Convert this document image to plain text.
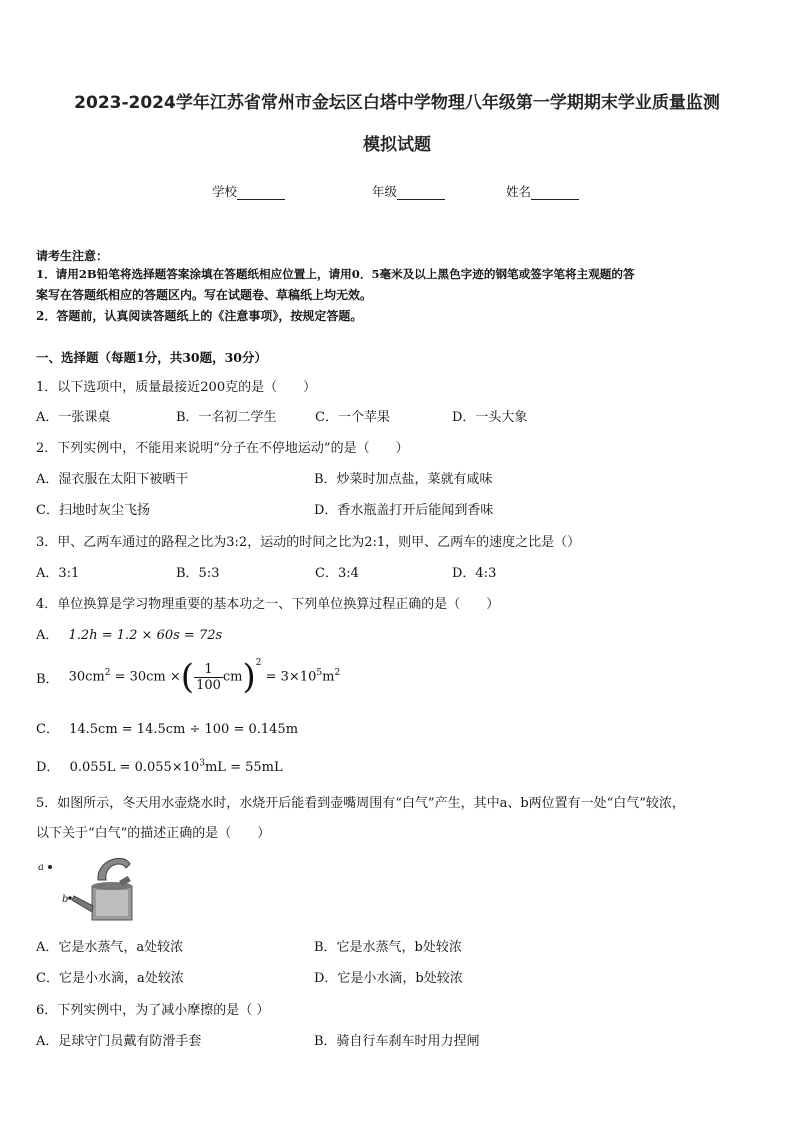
2023-2024学年江苏省常州市金坛区白塔中学物理八年级第一学期期末学业质量监测
模拟试题
学校	年级	姓名
请考生注意：
1．请用2B铅笔将选择题答案涂填在答题纸相应位置上，请用0．5毫米及以上黑色字迹的钢笔或签字笔将主观题的答
案写在答题纸相应的答题区内。写在试题卷、草稿纸上均无效。
2．答题前，认真阅读答题纸上的《注意事项》，按规定答题。
一、选择题（每题1分，共30题，30分）
1．以下选项中，质量最接近200克的是（　　）
A．一张课桌	B．一名初二学生	C．一个苹果	D．一头大象
2．下列实例中，不能用来说明“分子在不停地运动”的是（　　）
A．湿衣服在太阳下被晒干	B．炒菜时加点盐，菜就有咸味
C．扫地时灰尘飞扬	D．香水瓶盖打开后能闻到香味
3．甲、乙两车通过的路程之比为3:2，运动的时间之比为2:1，则甲、乙两车的速度之比是（）
A．3:1	B．5:3	C．3:4	D．4:3
4．单位换算是学习物理重要的基本功之一、下列单位换算过程正确的是（　　）
A． 1.2h = 1.2 × 60s = 72s
B． $30cm^2 = 30cm$ ×( $\frac{1}{100} cm)^2 = 3\times 10^5m^2$
C． 14.5cm = 14.5cm ÷ 100 = 0.145m
D． $0.055L = 0.055\times 10^3mL = 55mL$
5．如图所示，冬天用水壶烧水时，水烧开后能看到壶嘴周围有“白气”产生，其中a、b两位置有一处“白气”较浓，
以下关于“白气”的描述正确的是（　　）
a
b
A．它是水蒸气，a处较浓	B．它是水蒸气，b处较浓
C．它是小水滴，a处较浓	D．它是小水滴，b处较浓
6．下列实例中，为了减小摩擦的是（ ）
A．足球守门员戴有防滑手套	B．骑自行车刹车时用力捏闸
